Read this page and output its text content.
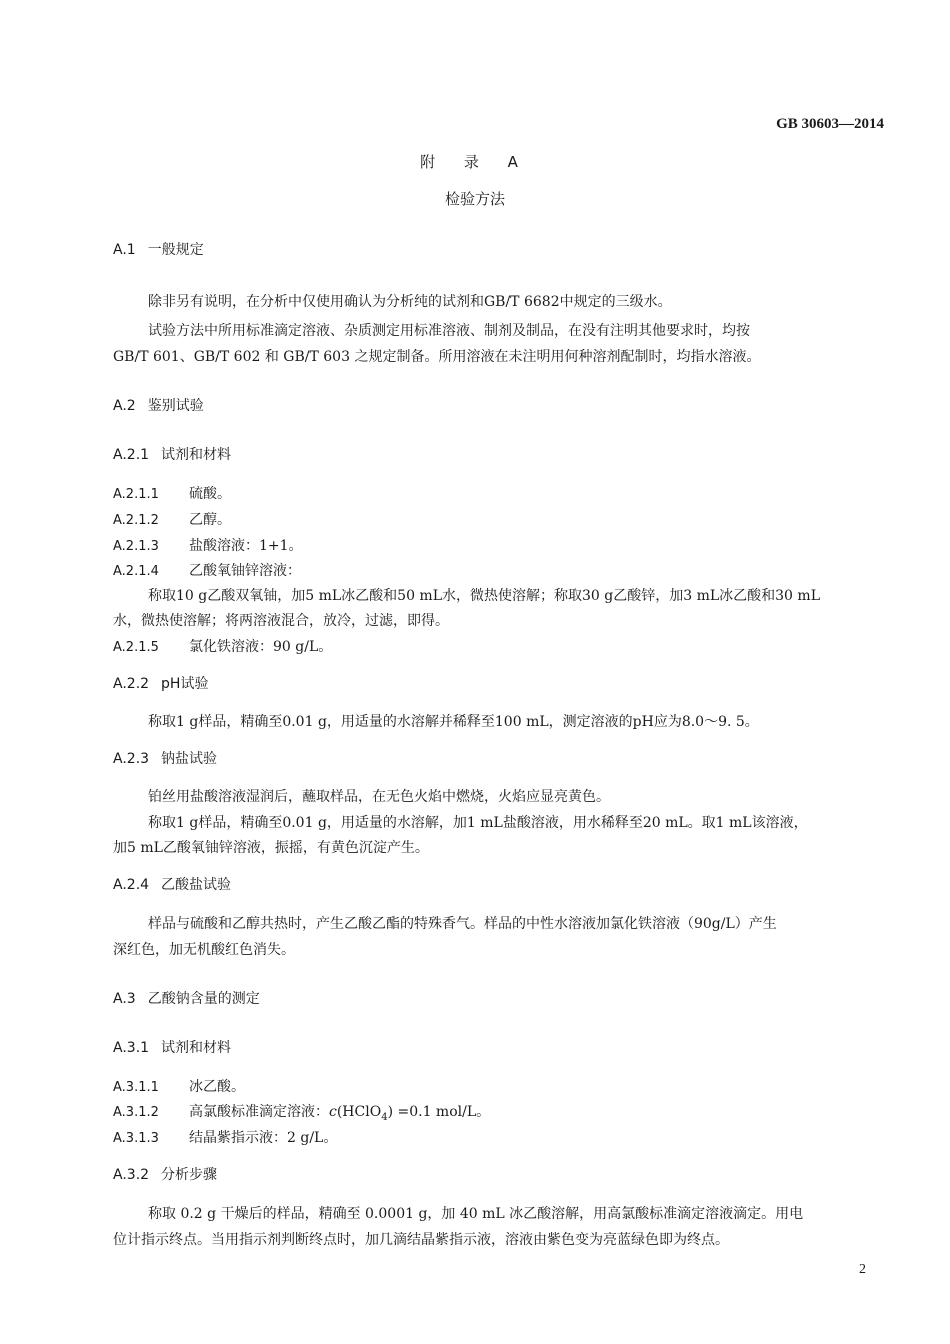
GB 30603—2014
附 录 A
检验方法
A.1 一般规定
除非另有说明，在分析中仅使用确认为分析纯的试剂和GB/T 6682中规定的三级水。
试验方法中所用标准滴定溶液、杂质测定用标准溶液、制剂及制品，在没有注明其他要求时，均按
GB/T 601、GB/T 602 和 GB/T 603 之规定制备。所用溶液在未注明用何种溶剂配制时，均指水溶液。
A.2 鉴别试验
A.2.1 试剂和材料
A.2.1.1 硫酸。
A.2.1.2 乙醇。
A.2.1.3 盐酸溶液：1+1。
A.2.1.4 乙酸氧铀锌溶液：
称取10 g乙酸双氧铀，加5 mL冰乙酸和50 mL水，微热使溶解；称取30 g乙酸锌，加3 mL冰乙酸和30 mL
水，微热使溶解；将两溶液混合，放冷，过滤，即得。
A.2.1.5 氯化铁溶液：90 g/L。
A.2.2 pH试验
称取1 g样品，精确至0.01 g，用适量的水溶解并稀释至100 mL，测定溶液的pH应为8.0～9. 5。
A.2.3 钠盐试验
铂丝用盐酸溶液湿润后，蘸取样品，在无色火焰中燃烧，火焰应显亮黄色。
称取1 g样品，精确至0.01 g，用适量的水溶解，加1 mL盐酸溶液，用水稀释至20 mL。取1 mL该溶液，
加5 mL乙酸氧铀锌溶液，振摇，有黄色沉淀产生。
A.2.4 乙酸盐试验
样品与硫酸和乙醇共热时，产生乙酸乙酯的特殊香气。样品的中性水溶液加氯化铁溶液（90g/L）产生
深红色，加无机酸红色消失。
A.3 乙酸钠含量的测定
A.3.1 试剂和材料
A.3.1.1 冰乙酸。
A.3.1.2 高氯酸标准滴定溶液：c(HClO$_4$) =0.1 mol/L。
A.3.1.3 结晶紫指示液：2 g/L。
A.3.2 分析步骤
称取 0.2 g 干燥后的样品，精确至 0.0001 g，加 40 mL 冰乙酸溶解，用高氯酸标准滴定溶液滴定。用电
位计指示终点。当用指示剂判断终点时，加几滴结晶紫指示液，溶液由紫色变为亮蓝绿色即为终点。
2
